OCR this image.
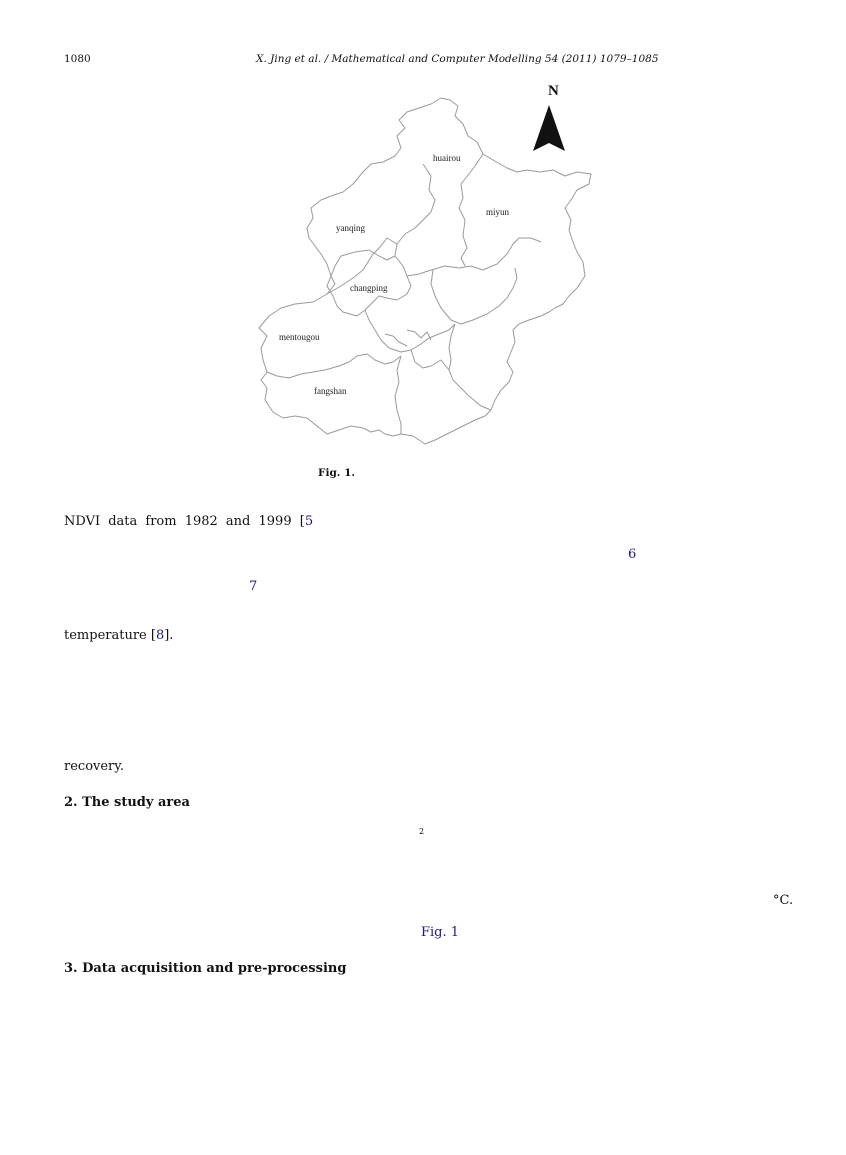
1080	X. Jing et al. / Mathematical and Computer Modelling 54 (2011) 1079–1085
N
huairou
miyun
yanqing
changping
mentougou
fangshan
Fig. 1.
NDVI data from 1982 and 1999 [5
6
7
temperature [8].
recovery.
2. The study area
2
°C.
Fig. 1
3. Data acquisition and pre-processing
